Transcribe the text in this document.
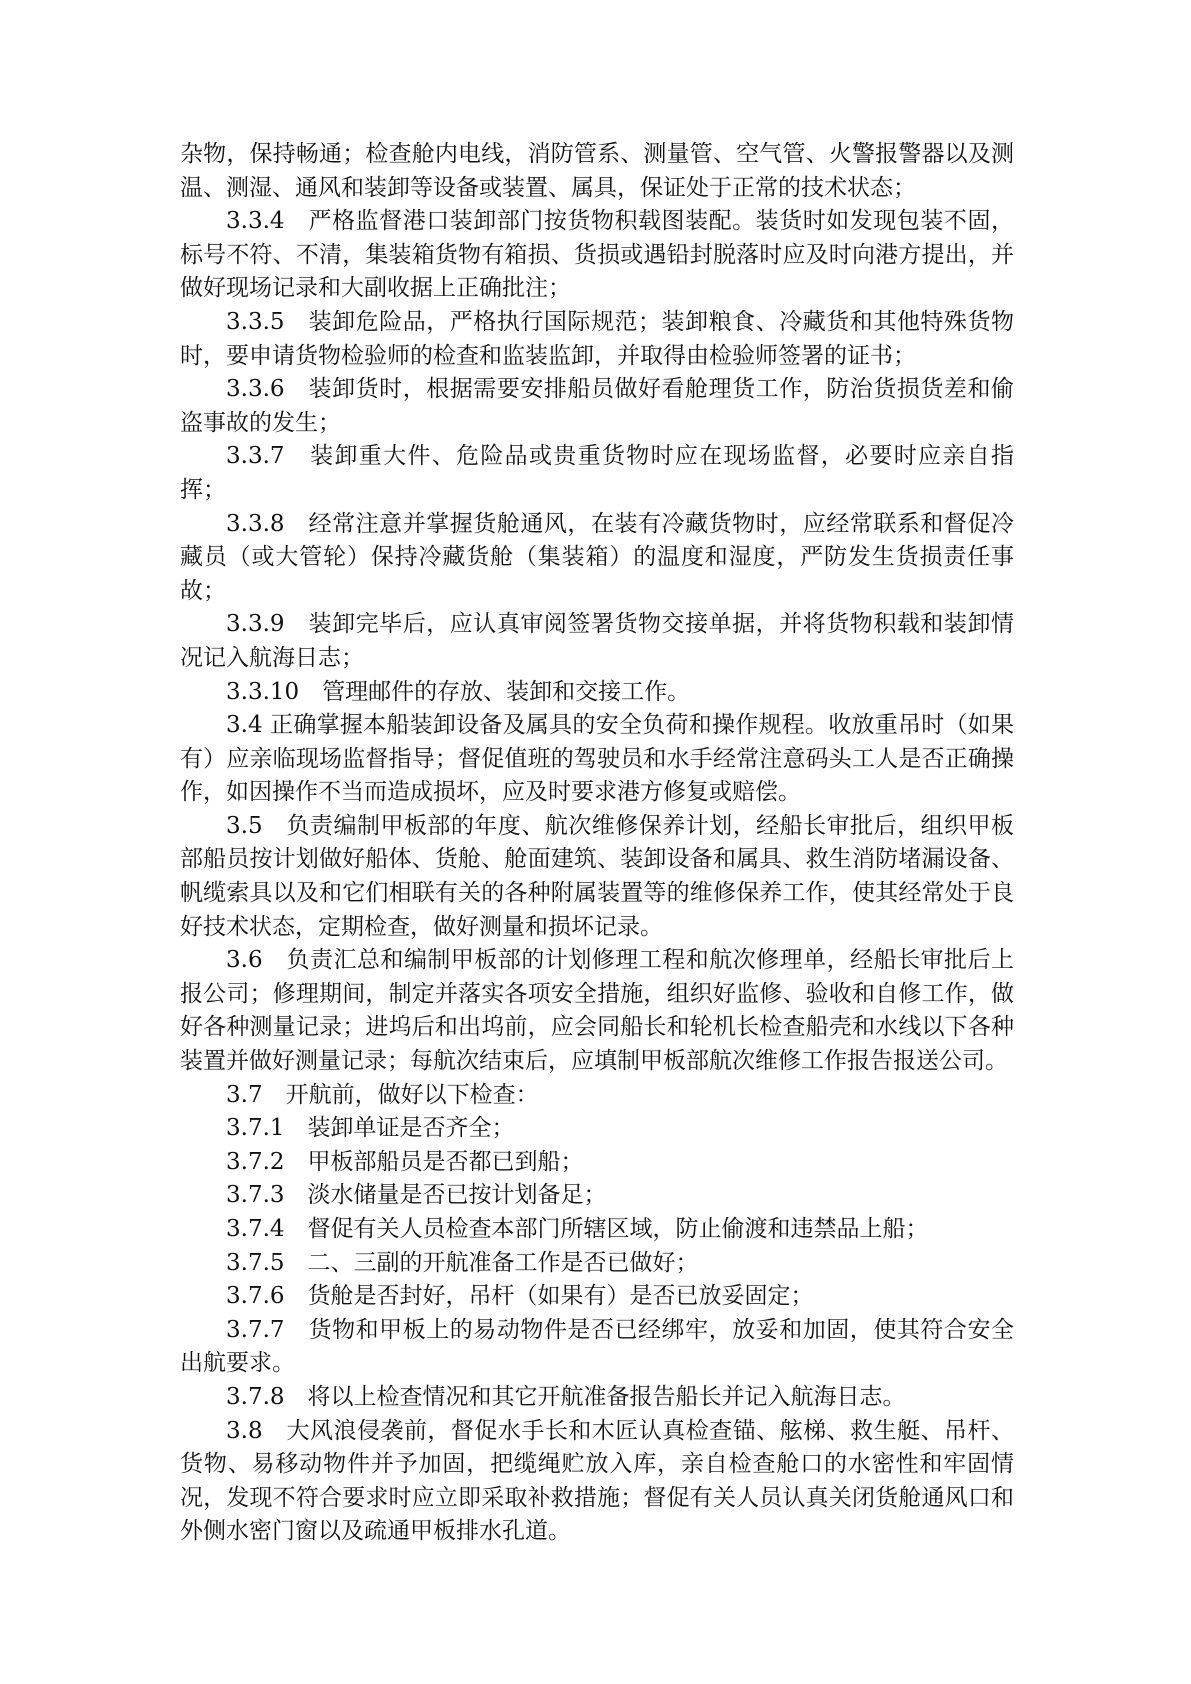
杂物，保持畅通；检查舱内电线，消防管系、测量管、空气管、火警报警器以及测温、测湿、通风和装卸等设备或装置、属具，保证处于正常的技术状态；

3.3.4　严格监督港口装卸部门按货物积载图装配。装货时如发现包装不固，标号不符、不清，集装箱货物有箱损、货损或遇铅封脱落时应及时向港方提出，并做好现场记录和大副收据上正确批注；

3.3.5　装卸危险品，严格执行国际规范；装卸粮食、冷藏货和其他特殊货物时，要申请货物检验师的检查和监装监卸，并取得由检验师签署的证书；

3.3.6　装卸货时，根据需要安排船员做好看舱理货工作，防治货损货差和偷盗事故的发生；

3.3.7　装卸重大件、危险品或贵重货物时应在现场监督，必要时应亲自指挥；

3.3.8　经常注意并掌握货舱通风，在装有冷藏货物时，应经常联系和督促冷藏员（或大管轮）保持冷藏货舱（集装箱）的温度和湿度，严防发生货损责任事故；

3.3.9　装卸完毕后，应认真审阅签署货物交接单据，并将货物积载和装卸情况记入航海日志；

3.3.10　管理邮件的存放、装卸和交接工作。

3.4 正确掌握本船装卸设备及属具的安全负荷和操作规程。收放重吊时（如果有）应亲临现场监督指导；督促值班的驾驶员和水手经常注意码头工人是否正确操作，如因操作不当而造成损坏，应及时要求港方修复或赔偿。

3.5　负责编制甲板部的年度、航次维修保养计划，经船长审批后，组织甲板部船员按计划做好船体、货舱、舱面建筑、装卸设备和属具、救生消防堵漏设备、帆缆索具以及和它们相联有关的各种附属装置等的维修保养工作，使其经常处于良好技术状态，定期检查，做好测量和损坏记录。

3.6　负责汇总和编制甲板部的计划修理工程和航次修理单，经船长审批后上报公司；修理期间，制定并落实各项安全措施，组织好监修、验收和自修工作，做好各种测量记录；进坞后和出坞前，应会同船长和轮机长检查船壳和水线以下各种装置并做好测量记录；每航次结束后，应填制甲板部航次维修工作报告报送公司。

3.7　开航前，做好以下检查：

3.7.1　装卸单证是否齐全；

3.7.2　甲板部船员是否都已到船；

3.7.3　淡水储量是否已按计划备足；

3.7.4　督促有关人员检查本部门所辖区域，防止偷渡和违禁品上船；

3.7.5　二、三副的开航准备工作是否已做好；

3.7.6　货舱是否封好，吊杆（如果有）是否已放妥固定；

3.7.7　货物和甲板上的易动物件是否已经绑牢，放妥和加固，使其符合安全出航要求。

3.7.8　将以上检查情况和其它开航准备报告船长并记入航海日志。

3.8　大风浪侵袭前，督促水手长和木匠认真检查锚、舷梯、救生艇、吊杆、货物、易移动物件并予加固，把缆绳贮放入库，亲自检查舱口的水密性和牢固情况，发现不符合要求时应立即采取补救措施；督促有关人员认真关闭货舱通风口和外侧水密门窗以及疏通甲板排水孔道。
